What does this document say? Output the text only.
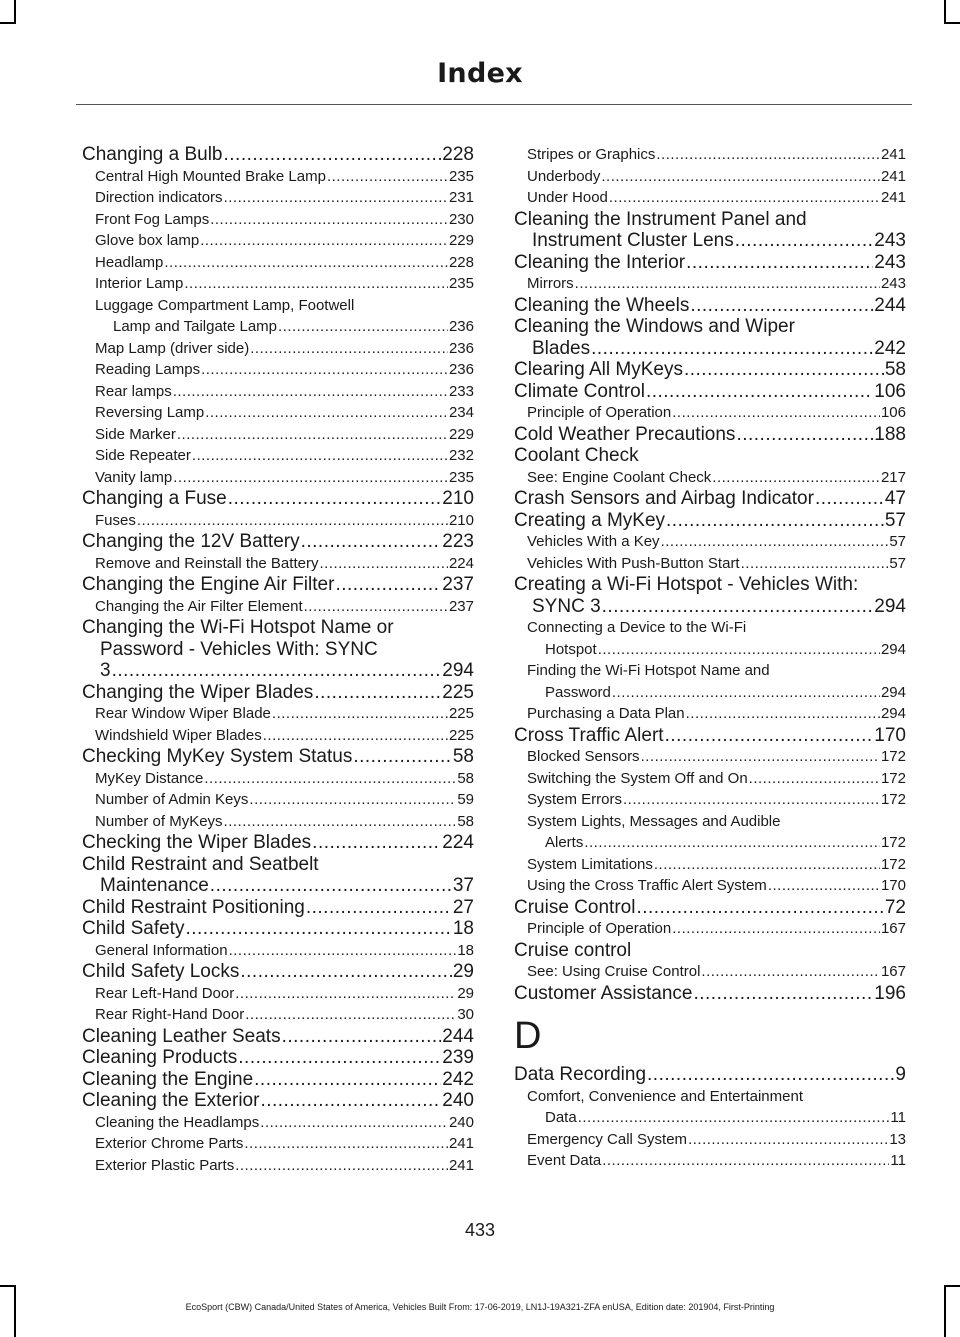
Index
Changing a Bulb .....	228
Central High Mounted Brake Lamp .....	235
Direction indicators .....	231
Front Fog Lamps .....	230
Glove box lamp .....	229
Headlamp .....	228
Interior Lamp .....	235
Luggage Compartment Lamp, Footwell
Lamp and Tailgate Lamp .....	236
Map Lamp (driver side) .....	236
Reading Lamps .....	236
Rear lamps .....	233
Reversing Lamp .....	234
Side Marker .....	229
Side Repeater .....	232
Vanity lamp .....	235
Changing a Fuse .....	210
Fuses .....	210
Changing the 12V Battery .....	223
Remove and Reinstall the Battery .....	224
Changing the Engine Air Filter .....	237
Changing the Air Filter Element .....	237
Changing the Wi-Fi Hotspot Name or
Password - Vehicles With: SYNC
3 .....	294
Changing the Wiper Blades .....	225
Rear Window Wiper Blade .....	225
Windshield Wiper Blades .....	225
Checking MyKey System Status .....	58
MyKey Distance .....	58
Number of Admin Keys .....	59
Number of MyKeys .....	58
Checking the Wiper Blades .....	224
Child Restraint and Seatbelt
Maintenance .....	37
Child Restraint Positioning .....	27
Child Safety .....	18
General Information .....	18
Child Safety Locks .....	29
Rear Left-Hand Door .....	29
Rear Right-Hand Door .....	30
Cleaning Leather Seats .....	244
Cleaning Products .....	239
Cleaning the Engine .....	242
Cleaning the Exterior .....	240
Cleaning the Headlamps .....	240
Exterior Chrome Parts .....	241
Exterior Plastic Parts .....	241
Stripes or Graphics .....	241
Underbody .....	241
Under Hood .....	241
Cleaning the Instrument Panel and
Instrument Cluster Lens .....	243
Cleaning the Interior .....	243
Mirrors .....	243
Cleaning the Wheels .....	244
Cleaning the Windows and Wiper
Blades .....	242
Clearing All MyKeys .....	58
Climate Control .....	106
Principle of Operation .....	106
Cold Weather Precautions .....	188
Coolant Check
See: Engine Coolant Check .....	217
Crash Sensors and Airbag Indicator .....	47
Creating a MyKey .....	57
Vehicles With a Key .....	57
Vehicles With Push-Button Start .....	57
Creating a Wi-Fi Hotspot - Vehicles With:
SYNC 3 .....	294
Connecting a Device to the Wi-Fi
Hotspot .....	294
Finding the Wi-Fi Hotspot Name and
Password .....	294
Purchasing a Data Plan .....	294
Cross Traffic Alert .....	170
Blocked Sensors .....	172
Switching the System Off and On .....	172
System Errors .....	172
System Lights, Messages and Audible
Alerts .....	172
System Limitations .....	172
Using the Cross Traffic Alert System .....	170
Cruise Control .....	72
Principle of Operation .....	167
Cruise control
See: Using Cruise Control .....	167
Customer Assistance .....	196
D
Data Recording .....	9
Comfort, Convenience and Entertainment
Data .....	11
Emergency Call System .....	13
Event Data .....	11
433
EcoSport (CBW) Canada/United States of America, Vehicles Built From: 17-06-2019, LN1J-19A321-ZFA enUSA, Edition date: 201904, First-Printing
